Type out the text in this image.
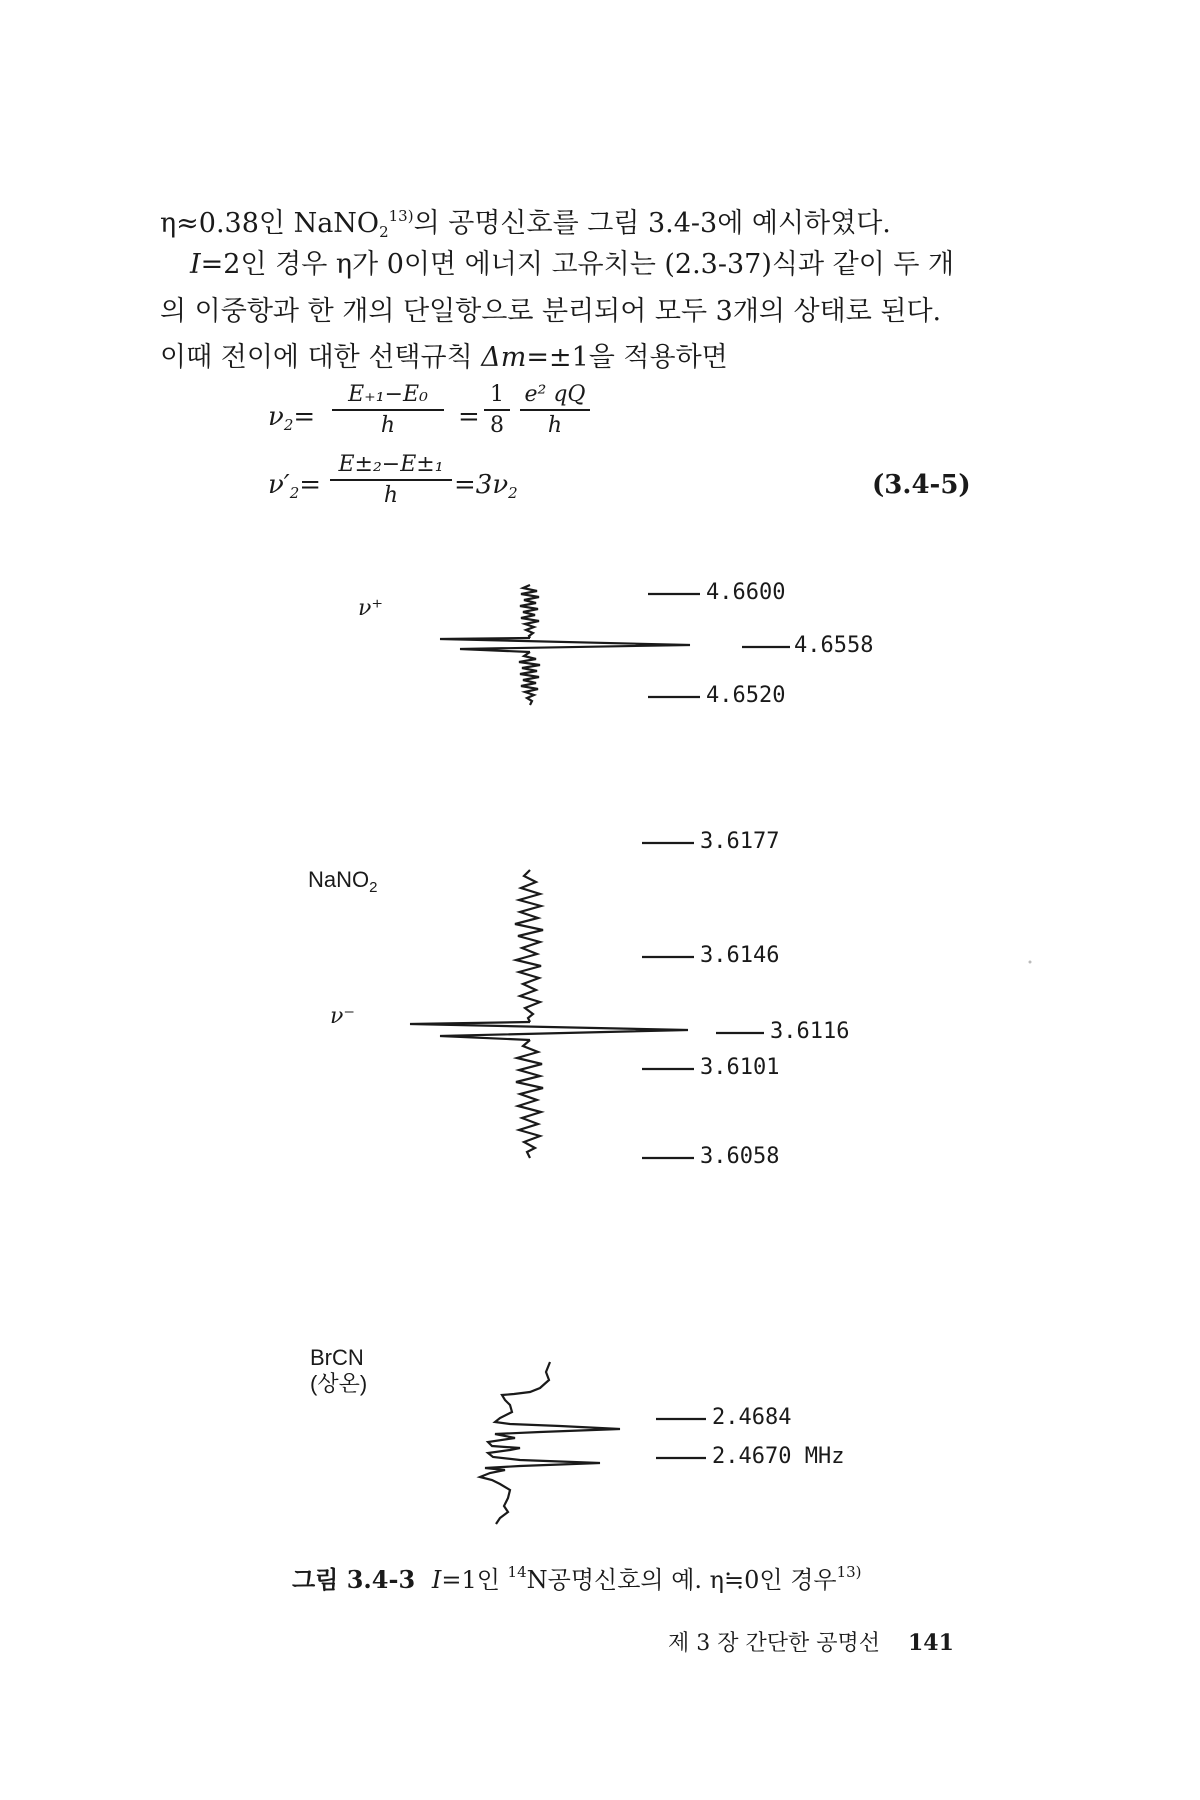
η≈0.38인 NaNO$_2^{13)}$의 공명신호를 그림 3.4-3에 예시하였다.
I=2인 경우 η가 0이면 에너지 고유치는 (2.3-37)식과 같이 두 개
의 이중항과 한 개의 단일항으로 분리되어 모두 3개의 상태로 된다.
이때 전이에 대한 선택규칙 Δm=±1을 적용하면
$\nu_2=$
E₊₁−E₀
h	=
1
8
e² qQ
h
$\nu'_2=$
E±₂−E±₁
h	$=3\nu_2$	(3.4-5)
ν⁺
ν⁻
4.6600
4.6558
4.6520
NaNO$_2$
3.6177
3.6146
3.6116
3.6101
3.6058
BrCN
(상온)
2.4684
2.4670 MHz
그림 3.4-3 I=1인 $^{14}$N공명신호의 예. η≒0인 경우$^{13)}$
제 3 장 간단한 공명선 141
